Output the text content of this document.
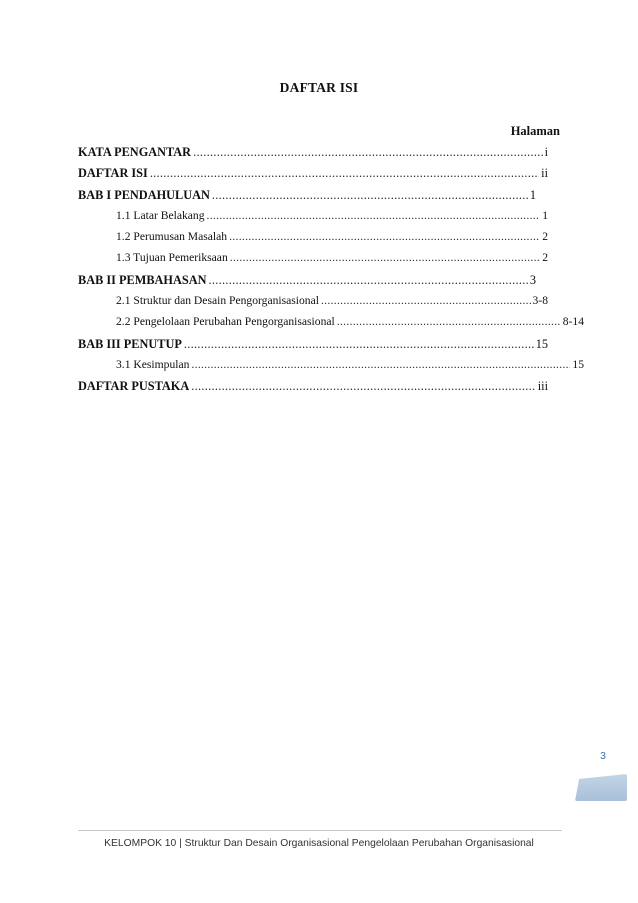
DAFTAR ISI
Halaman
KATA PENGANTAR .....	i
DAFTAR ISI .....	ii
BAB I PENDAHULUAN .....	1
1.1 Latar Belakang .....	1
1.2 Perumusan Masalah .....	2
1.3 Tujuan Pemeriksaan .....	2
BAB II PEMBAHASAN .....	3
2.1 Struktur dan Desain Pengorganisasional .....	3-8
2.2 Pengelolaan Perubahan Pengorganisasional .....	8-14
BAB III PENUTUP .....	15
3.1 Kesimpulan .....	15
DAFTAR PUSTAKA .....	iii
3
KELOMPOK 10 | Struktur Dan Desain Organisasional Pengelolaan Perubahan Organisasional
